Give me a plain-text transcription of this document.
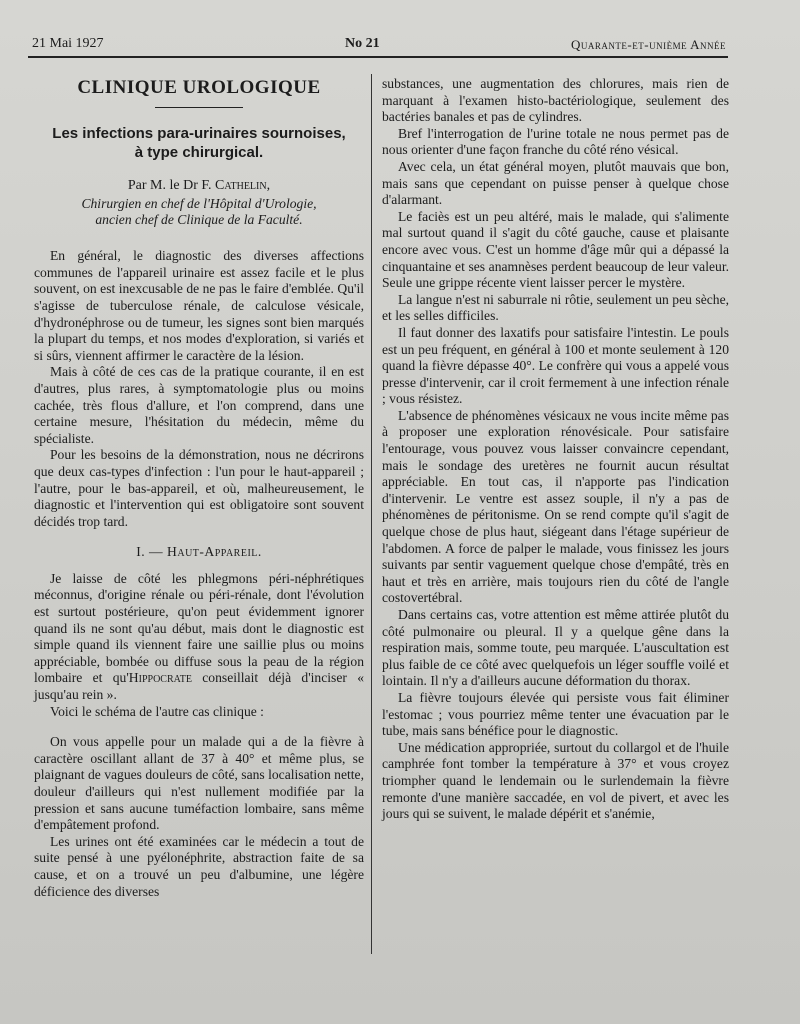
21 Mai 1927	No 21	Quarante-et-unième Année
CLINIQUE UROLOGIQUE
Les infections para-urinaires sournoises,
à type chirurgical.
Par M. le Dr F. Cathelin,
Chirurgien en chef de l'Hôpital d'Urologie,
ancien chef de Clinique de la Faculté.

En général, le diagnostic des diverses affections communes de l'appareil urinaire est assez facile et le plus souvent, on est inexcusable de ne pas le faire d'emblée. Qu'il s'agisse de tuberculose rénale, de calculose vésicale, d'hydronéphrose ou de tumeur, les signes sont bien marqués la plupart du temps, et nos modes d'exploration, si variés et si sûrs, viennent affirmer le caractère de la lésion.

Mais à côté de ces cas de la pratique courante, il en est d'autres, plus rares, à symptomatologie plus ou moins cachée, très flous d'allure, et l'on comprend, dans une certaine mesure, l'hésitation du médecin, même du spécialiste.

Pour les besoins de la démonstration, nous ne décrirons que deux cas-types d'infection : l'un pour le haut-appareil ; l'autre, pour le bas-appareil, et où, malheureusement, le diagnostic et l'intervention qui est obligatoire sont souvent décidés trop tard.

I. — Haut-Appareil.

Je laisse de côté les phlegmons péri-néphrétiques méconnus, d'origine rénale ou péri-rénale, dont l'évolution est surtout postérieure, qu'on peut évidemment ignorer quand ils ne sont qu'au début, mais dont le diagnostic est simple quand ils viennent faire une saillie plus ou moins appréciable, bombée ou diffuse sous la peau de la région lombaire et qu'Hippocrate conseillait déjà d'inciser « jusqu'au rein ».

Voici le schéma de l'autre cas clinique :

On vous appelle pour un malade qui a de la fièvre à caractère oscillant allant de 37 à 40° et même plus, se plaignant de vagues douleurs de côté, sans localisation nette, douleur d'ailleurs qui n'est nullement modifiée par la pression et sans aucune tuméfaction lombaire, sans même d'empâtement profond.

Les urines ont été examinées car le médecin a tout de suite pensé à une pyélonéphrite, abstraction faite de sa cause, et on a trouvé un peu d'albumine, une légère déficience des diverses

substances, une augmentation des chlorures, mais rien de marquant à l'examen histo-bactériologique, seulement des bactéries banales et pas de cylindres.

Bref l'interrogation de l'urine totale ne nous permet pas de nous orienter d'une façon franche du côté réno vésical.

Avec cela, un état général moyen, plutôt mauvais que bon, mais sans que cependant on puisse penser à quelque chose d'alarmant.

Le faciès est un peu altéré, mais le malade, qui s'alimente mal surtout quand il s'agit du côté gauche, cause et plaisante encore avec vous. C'est un homme d'âge mûr qui a dépassé la cinquantaine et ses anamnèses perdent beaucoup de leur valeur. Seule une grippe récente vient laisser percer le mystère.

La langue n'est ni saburrale ni rôtie, seulement un peu sèche, et les selles difficiles.

Il faut donner des laxatifs pour satisfaire l'intestin. Le pouls est un peu fréquent, en général à 100 et monte seulement à 120 quand la fièvre dépasse 40°. Le confrère qui vous a appelé vous presse d'intervenir, car il croit fermement à une infection rénale ; vous résistez.

L'absence de phénomènes vésicaux ne vous incite même pas à proposer une exploration rénovésicale. Pour satisfaire l'entourage, vous pouvez vous laisser convaincre cependant, mais le sondage des uretères ne fournit aucun résultat appréciable. En tout cas, il n'apporte pas l'indication d'intervenir. Le ventre est assez souple, il n'y a pas de phénomènes de péritonisme. On se rend compte qu'il s'agit de quelque chose de plus haut, siégeant dans l'étage supérieur de l'abdomen. A force de palper le malade, vous finissez les jours suivants par sentir vaguement quelque chose d'empâté, très en haut et très en arrière, mais toujours rien du côté de l'angle costovertébral.

Dans certains cas, votre attention est même attirée plutôt du côté pulmonaire ou pleural. Il y a quelque gêne dans la respiration mais, somme toute, peu marquée. L'auscultation est plus faible de ce côté avec quelquefois un léger souffle voilé et lointain. Il n'y a d'ailleurs aucune déformation du thorax.

La fièvre toujours élevée qui persiste vous fait éliminer l'estomac ; vous pourriez même tenter une évacuation par le tube, mais sans bénéfice pour le diagnostic.

Une médication appropriée, surtout du collargol et de l'huile camphrée font tomber la température à 37° et vous croyez triompher quand le lendemain ou le surlendemain la fièvre remonte d'une manière saccadée, en vol de pivert, et avec les jours qui se suivent, le malade dépérit et s'anémie,
